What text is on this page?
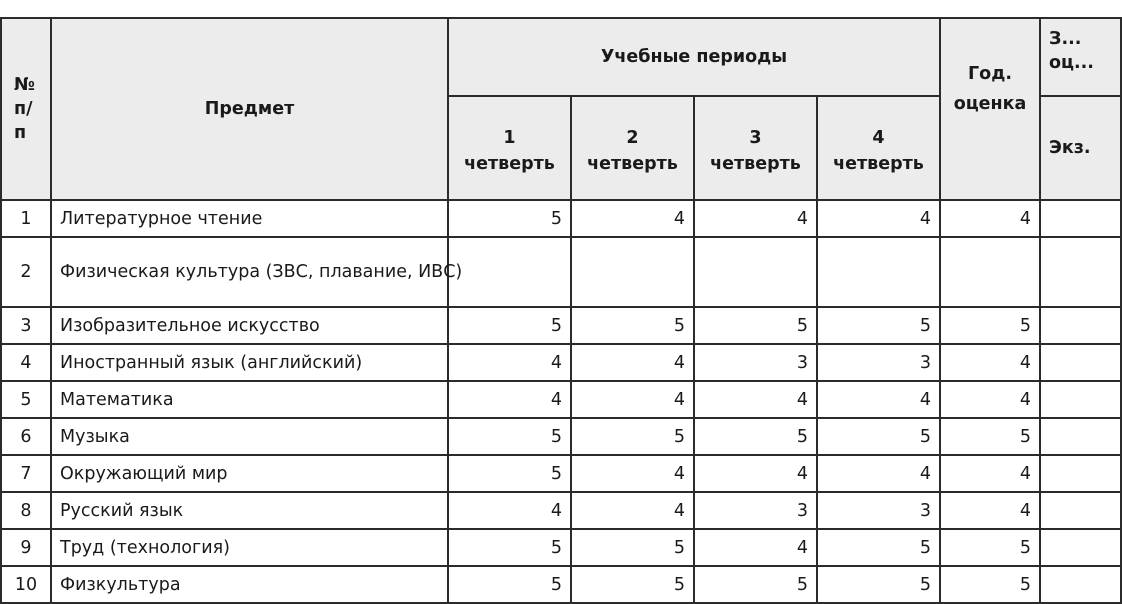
№ п/п	Предмет	Учебные периоды				Год. оценка	З... оц...
		1 четверть	2 четверть	3 четверть	4 четверть		Экз.
1	Литературное чтение	5	4	4	4	4	
2	Физическая культура (ЗВС, плавание, ИВС)						
3	Изобразительное искусство	5	5	5	5	5	
4	Иностранный язык (английский)	4	4	3	3	4	
5	Математика	4	4	4	4	4	
6	Музыка	5	5	5	5	5	
7	Окружающий мир	5	4	4	4	4	
8	Русский язык	4	4	3	3	4	
9	Труд (технология)	5	5	4	5	5	
10	Физкультура	5	5	5	5	5	
